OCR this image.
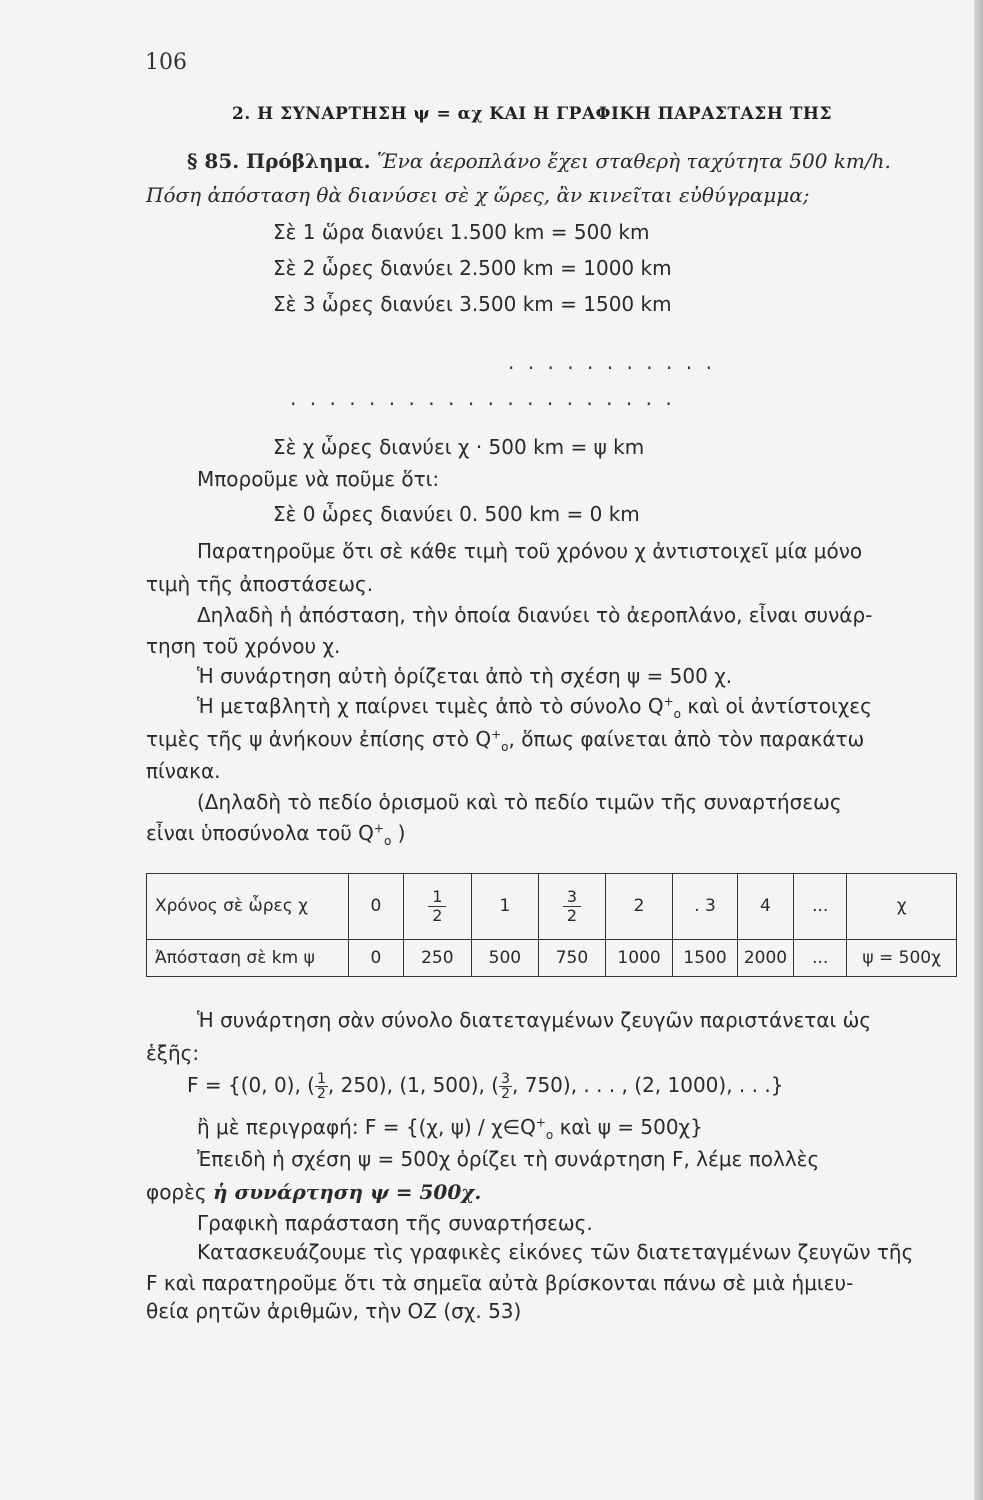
106
2. Η ΣΥΝΑΡΤΗΣΗ ψ = αχ ΚΑΙ Η ΓΡΑΦΙΚΗ ΠΑΡΑΣΤΑΣΗ ΤΗΣ
§ 85. Πρόβλημα. Ἕνα ἀεροπλάνο ἔχει σταθερὴ ταχύτητα 500 km/h.
Πόση ἀπόσταση θὰ διανύσει σὲ χ ὥρες, ἂν κινεῖται εὐθύγραμμα;
Σὲ 1 ὥρα διανύει 1.500 km = 500 km
Σὲ 2 ὧρες διανύει 2.500 km = 1000 km
Σὲ 3 ὧρες διανύει 3.500 km = 1500 km
...........
....................
Σὲ χ ὧρες διανύει χ · 500 km = ψ km
Μποροῦμε νὰ ποῦμε ὅτι:
Σὲ 0 ὧρες διανύει 0. 500 km = 0 km
Παρατηροῦμε ὅτι σὲ κάθε τιμὴ τοῦ χρόνου χ ἀντιστοιχεῖ μία μόνο
τιμὴ τῆς ἀποστάσεως.
Δηλαδὴ ἡ ἀπόσταση, τὴν ὁποία διανύει τὸ ἀεροπλάνο, εἶναι συνάρ-
τηση τοῦ χρόνου χ.
Ἡ συνάρτηση αὐτὴ ὁρίζεται ἀπὸ τὴ σχέση ψ = 500 χ.
Ἡ μεταβλητὴ χ παίρνει τιμὲς ἀπὸ τὸ σύνολο $Q^+_o$ καὶ οἱ ἀντίστοιχες
τιμὲς τῆς ψ ἀνήκουν ἐπίσης στὸ $Q^+_o$, ὅπως φαίνεται ἀπὸ τὸν παρακάτω
πίνακα.
(Δηλαδὴ τὸ πεδίο ὁρισμοῦ καὶ τὸ πεδίο τιμῶν τῆς συναρτήσεως
εἶναι ὑποσύνολα τοῦ $Q^+_o$ )
Χρόνος σὲ ὧρες χ	0	$\frac{1}{2}$	1	$\frac{3}{2}$	2	. 3	4	...	χ
Ἀπόσταση σὲ km ψ	0	250	500	750	1000	1500	2000	...	ψ = 500χ
Ἡ συνάρτηση σὰν σύνολο διατεταγμένων ζευγῶν παριστάνεται ὡς
ἑξῆς:
F = {(0, 0), ( $\frac{1}{2}$ , 250), (1, 500), ( $\frac{3}{2}$ , 750), . . . , (2, 1000), . . .}
ἢ μὲ περιγραφή: F = {(χ, $\psi) / \chi\in Q^+_o$ καὶ ψ = 500χ}
Ἐπειδὴ ἡ σχέση ψ = 500χ ὁρίζει τὴ συνάρτηση F, λέμε πολλὲς
φορὲς ἡ συνάρτηση ψ = 500χ.
Γραφικὴ παράσταση τῆς συναρτήσεως.
Κατασκευάζουμε τὶς γραφικὲς εἰκόνες τῶν διατεταγμένων ζευγῶν τῆς
F καὶ παρατηροῦμε ὅτι τὰ σημεῖα αὐτὰ βρίσκονται πάνω σὲ μιὰ ἡμιευ-
θεία ρητῶν ἀριθμῶν, τὴν ΟΖ (σχ. 53)
